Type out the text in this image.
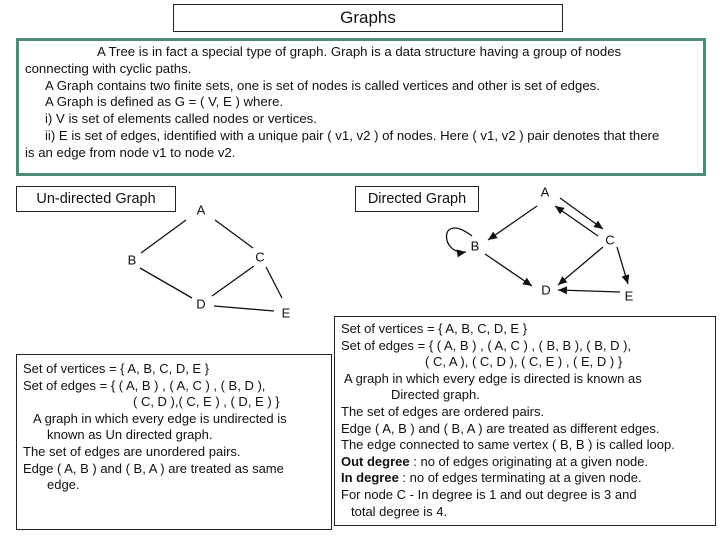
Graphs
A Tree is in fact a special type of graph. Graph is a data structure having a group of nodes
connecting with cyclic paths.
A Graph contains two finite sets, one is set of nodes is called vertices and other is set of edges.
A Graph is defined as G = ( V, E ) where.
i) V is set of elements called nodes or vertices.
ii) E is set of edges, identified with a unique pair ( v1, v2 ) of nodes. Here ( v1, v2 ) pair denotes that there
is an edge from node v1 to node v2.
Un-directed Graph
A
B	C
D
E
Directed Graph	A
B	C
D	E
Set of vertices = { A, B, C, D, E }
Set of edges = { ( A, B ) , ( A, C ) , ( B, D ),
( C, D ),( C, E ) , ( D, E ) }
A graph in which every edge is undirected is
known as Un directed graph.
The set of edges are unordered pairs.
Edge ( A, B ) and ( B, A ) are treated as same
edge.
Set of vertices = { A, B, C, D, E }
Set of edges = { ( A, B ) , ( A, C ) , ( B, B ), ( B, D ),
( C, A ), ( C, D ), ( C, E ) , ( E, D ) }
A graph in which every edge is directed is known as
Directed graph.
The set of edges are ordered pairs.
Edge ( A, B ) and ( B, A ) are treated as different edges.
The edge connected to same vertex ( B, B ) is called loop.
Out degree : no of edges originating at a given node.
In degree : no of edges terminating at a given node.
For node C - In degree is 1 and out degree is 3 and
total degree is 4.
